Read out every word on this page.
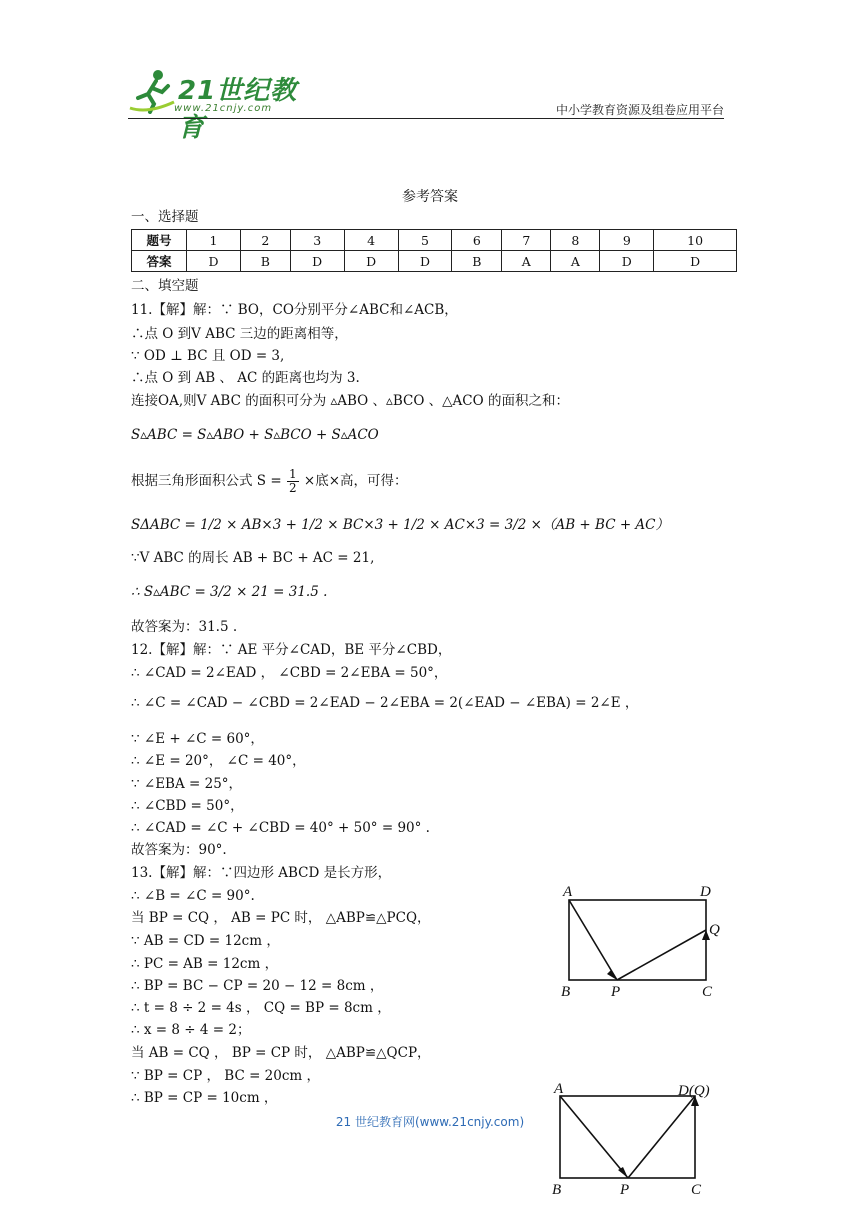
21世纪教育
www.21cnjy.com	中小学教育资源及组卷应用平台
参考答案
一、选择题
题号	1	2	3	4	5	6	7	8	9	10
答案	D	B	D	D	D	B	A	A	D	D
二、填空题
11.【解】解：∵ BO，CO分别平分∠ABC和∠ACB，
∴点 O 到V ABC 三边的距离相等，
∵ OD ⊥ BC 且 OD = 3,
∴点 O 到 AB 、 AC 的距离也均为 3.
连接OA,则V ABC 的面积可分为 ▵ABO 、▵BCO 、△ACO 的面积之和：
S▵ABC = S▵ABO + S▵BCO + S▵ACO
根据三角形面积公式 $S = \frac{1}{2}$ ×底×高，可得：
SΔABC = 1/2 × AB×3 + 1/2 × BC×3 + 1/2 × AC×3 = 3/2 ×（AB + BC + AC）
∵V ABC 的周长 AB + BC + AC = 21,
∴ S▵ABC = 3/2 × 21 = 31.5 .
故答案为：31.5 .
12.【解】解：∵ AE 平分∠CAD，BE 平分∠CBD，
∴ ∠CAD = 2∠EAD ， ∠CBD = 2∠EBA = 50°，
∴ ∠C = ∠CAD − ∠CBD = 2∠EAD − 2∠EBA = 2(∠EAD − ∠EBA) = 2∠E ，
∵ ∠E + ∠C = 60°，
∴ ∠E = 20°， ∠C = 40°，
∵ ∠EBA = 25°，
∴ ∠CBD = 50°，
∴ ∠CAD = ∠C + ∠CBD = 40° + 50° = 90° .
故答案为：90°.
13.【解】解：∵四边形 ABCD 是长方形，
∴ ∠B = ∠C = 90°.
当 BP = CQ ， AB = PC 时， △ABP≌△PCQ，
∵ AB = CD = 12cm ，
∴ PC = AB = 12cm ，
∴ BP = BC − CP = 20 − 12 = 8cm ，
∴ t = 8 ÷ 2 = 4s ， CQ = BP = 8cm ，
∴ x = 8 ÷ 4 = 2；
当 AB = CQ ， BP = CP 时， △ABP≌△QCP，
∵ BP = CP ， BC = 20cm ，
∴ BP = CP = 10cm ，
A	D
Q
B	P	C
A	D(Q)
B	P	C
21 世纪教育网(www.21cnjy.com)
